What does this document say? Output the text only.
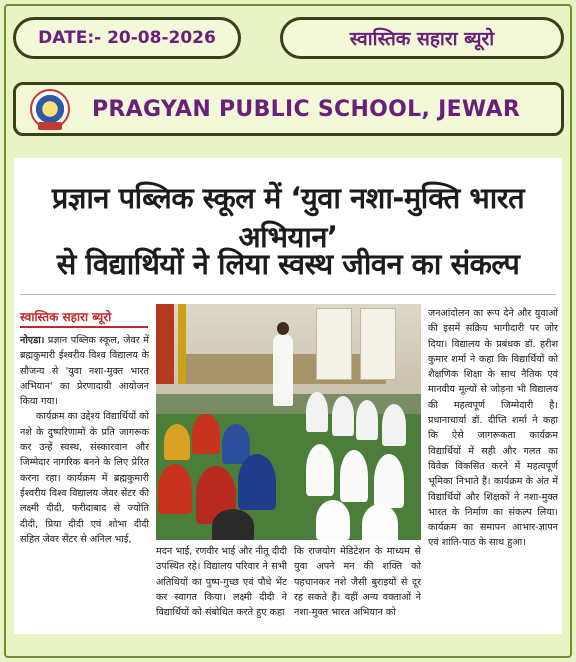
DATE:- 20-08-2026	स्वास्तिक सहारा ब्यूरो
PRAGYAN PUBLIC SCHOOL, JEWAR
प्रज्ञान पब्लिक स्कूल में ‘युवा नशा-मुक्ति भारत अभियान’
से विद्यार्थियों ने लिया स्वस्थ जीवन का संकल्प
स्वास्तिक सहारा ब्यूरो

नोएडा। प्रज्ञान पब्लिक स्कूल, जेवर में ब्रह्मकुमारी ईश्वरीय विश्व विद्यालय के सौजन्य से 'युवा नशा-मुक्त भारत अभियान' का प्रेरणादायी आयोजन किया गया।

कार्यक्रम का उद्देश्य विद्यार्थियों को नशे के दुष्परिणामों के प्रति जागरूक कर उन्हें स्वस्थ, संस्कारवान और जिम्मेदार नागरिक बनने के लिए प्रेरित करना रहा। कार्यक्रम में ब्रह्मकुमारी ईश्वरीय विश्व विद्यालय जेवर सेंटर की लक्ष्मी दीदी, फरीदाबाद से ज्योति दीदी, प्रिया दीदी एवं शोभा दीदी सहित जेवर सेंटर से अनिल भाई,

मदन भाई, रणवीर भाई और नीतू दीदी उपस्थित रहे। विद्यालय परिवार ने सभी अतिथियों का पुष्प-गुच्छ एवं पौधे भेंट कर स्वागत किया। लक्ष्मी दीदी ने विद्यार्थियों को संबोधित करते हुए कहा
कि राजयोग मेडिटेशन के माध्यम से युवा अपने मन की शक्ति को पहचानकर नशे जैसी बुराइयों से दूर रह सकते हैं। वहीं अन्य वक्ताओं ने नशा-मुक्त भारत अभियान को
जनआंदोलन का रूप देने और युवाओं की इसमें सक्रिय भागीदारी पर जोर दिया। विद्यालय के प्रबंधक डॉ. हरीश कुमार शर्मा ने कहा कि विद्यार्थियों को शैक्षणिक शिक्षा के साथ नैतिक एवं मानवीय मूल्यों से जोड़ना भी विद्यालय की महत्वपूर्ण जिम्मेदारी है। प्रधानाचार्या डॉ. दीप्ति शर्मा ने कहा कि ऐसे जागरूकता कार्यक्रम विद्यार्थियों में सही और गलत का विवेक विकसित करने में महत्वपूर्ण भूमिका निभाते हैं। कार्यक्रम के अंत में विद्यार्थियों और शिक्षकों ने नशा-मुक्त भारत के निर्माण का संकल्प लिया। कार्यक्रम का समापन आभार-ज्ञापन एवं शांति-पाठ के साथ हुआ।
